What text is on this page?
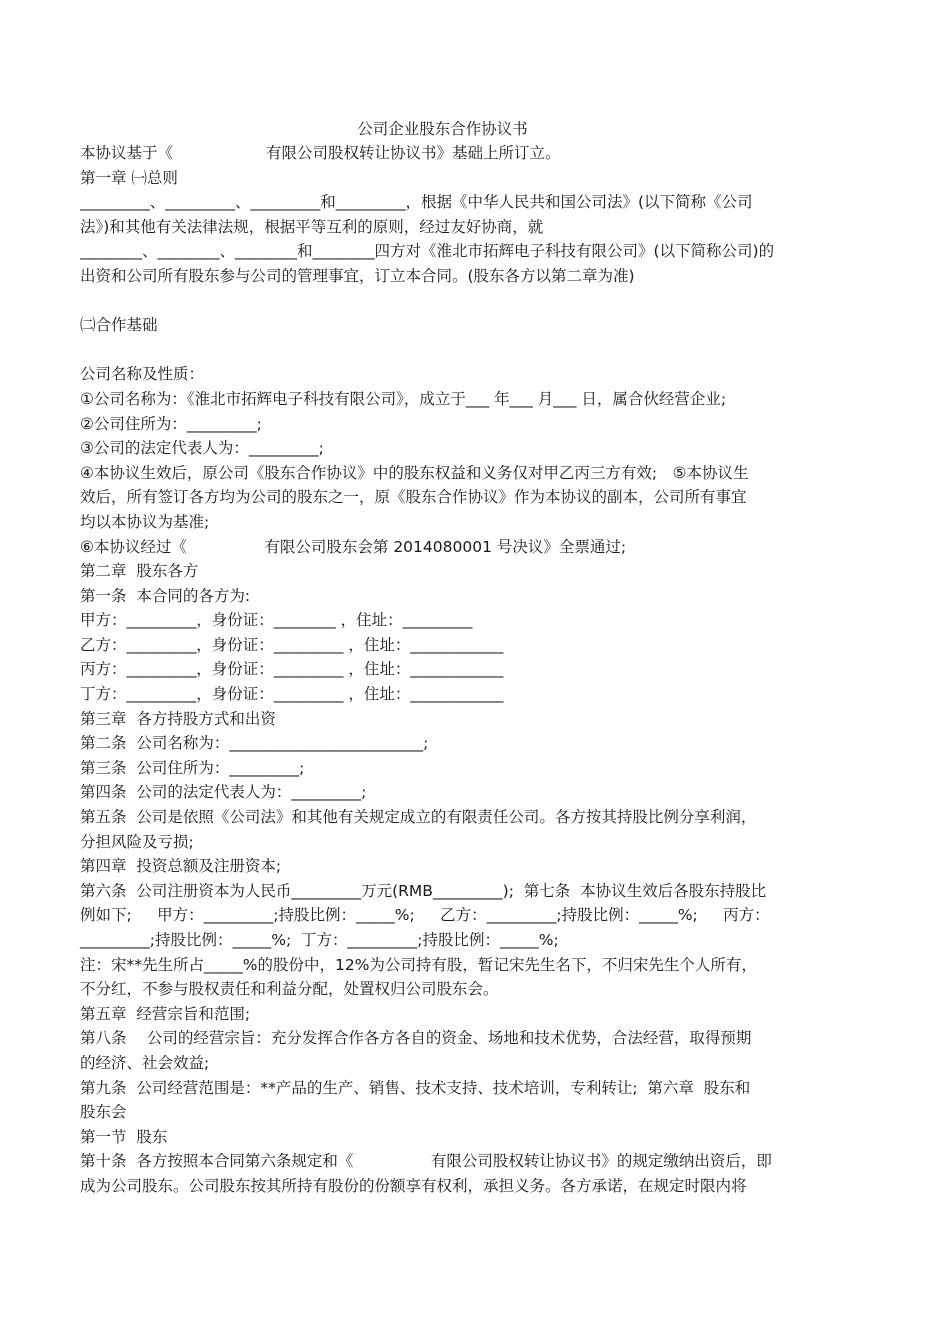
公司企业股东合作协议书

本协议基于《　　　　　　有限公司股权转让协议书》基础上所订立。

第一章 ㈠总则

_________、_________、_________和_________，根据《中华人民共和国公司法》(以下简称《公司

法》)和其他有关法律法规，根据平等互利的原则，经过友好协商，就

________、________、________和________四方对《淮北市拓辉电子科技有限公司》(以下简称公司)的

出资和公司所有股东参与公司的管理事宜，订立本合同。(股东各方以第二章为准)

㈡合作基础

公司名称及性质：

①公司名称为：《淮北市拓辉电子科技有限公司》，成立于___ 年___ 月___ 日，属合伙经营企业;

②公司住所为：_________;

③公司的法定代表人为：_________;

④本协议生效后，原公司《股东合作协议》中的股东权益和义务仅对甲乙丙三方有效;　⑤本协议生

效后，所有签订各方均为公司的股东之一，原《股东合作协议》作为本协议的副本，公司所有事宜

均以本协议为基准;

⑥本协议经过《　　　　　有限公司股东会第 2014080001 号决议》全票通过;

第二章  股东各方

第一条  本合同的各方为:

甲方：_________，身份证：________ ，住址：_________

乙方：_________，身份证：_________ ，住址：____________

丙方：_________，身份证：_________ ，住址：____________

丁方：_________，身份证：_________ ，住址：____________

第三章  各方持股方式和出资

第二条  公司名称为：_________________________;

第三条  公司住所为：_________;

第四条  公司的法定代表人为：_________;

第五条  公司是依照《公司法》和其他有关规定成立的有限责任公司。各方按其持股比例分享利润，

分担风险及亏损;

第四章  投资总额及注册资本;

第六条  公司注册资本为人民币_________万元(RMB_________);  第七条  本协议生效后各股东持股比

例如下;　  甲方：_________;持股比例：_____%;　  乙方：_________;持股比例：_____%;　  丙方：

_________;持股比例：_____%;  丁方：_________;持股比例：_____%;

注：宋**先生所占_____%的股份中，12%为公司持有股，暂记宋先生名下，不归宋先生个人所有，

不分红，不参与股权责任和利益分配，处置权归公司股东会。

第五章  经营宗旨和范围;

第八条　 公司的经营宗旨：充分发挥合作各方各自的资金、场地和技术优势，合法经营，取得预期

的经济、社会效益;

第九条  公司经营范围是：**产品的生产、销售、技术支持、技术培训，专利转让;  第六章  股东和

股东会

第一节  股东

第十条  各方按照本合同第六条规定和《　　　　　有限公司股权转让协议书》的规定缴纳出资后，即

成为公司股东。公司股东按其所持有股份的份额享有权利，承担义务。各方承诺，在规定时限内将
